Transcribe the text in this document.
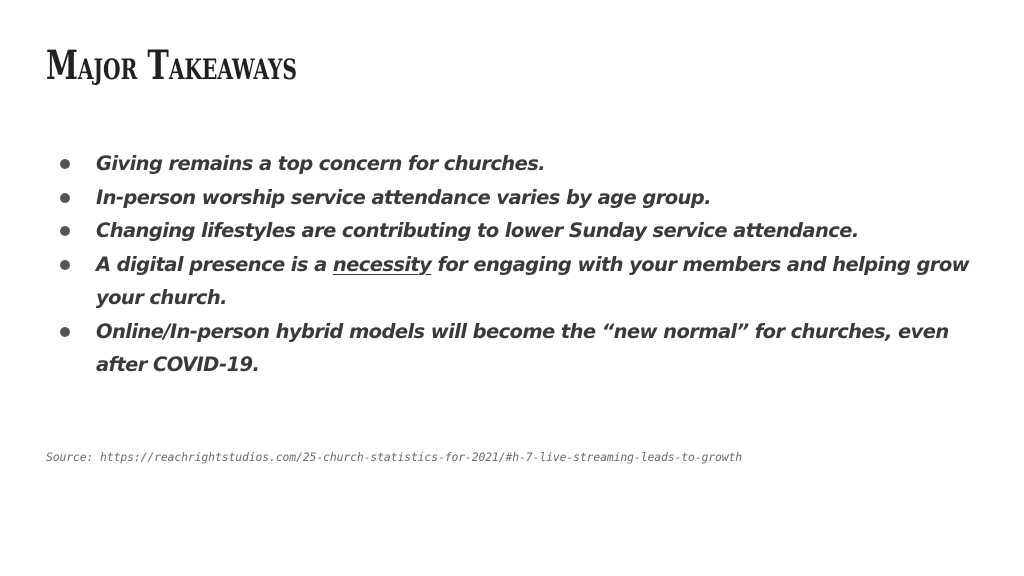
Major Takeaways
Giving remains a top concern for churches.
In-person worship service attendance varies by age group.
Changing lifestyles are contributing to lower Sunday service attendance.
A digital presence is a necessity for engaging with your members and helping grow your church.
Online/In-person hybrid models will become the “new normal” for churches, even after COVID-19.

Source: https://reachrightstudios.com/25-church-statistics-for-2021/#h-7-live-streaming-leads-to-growth
